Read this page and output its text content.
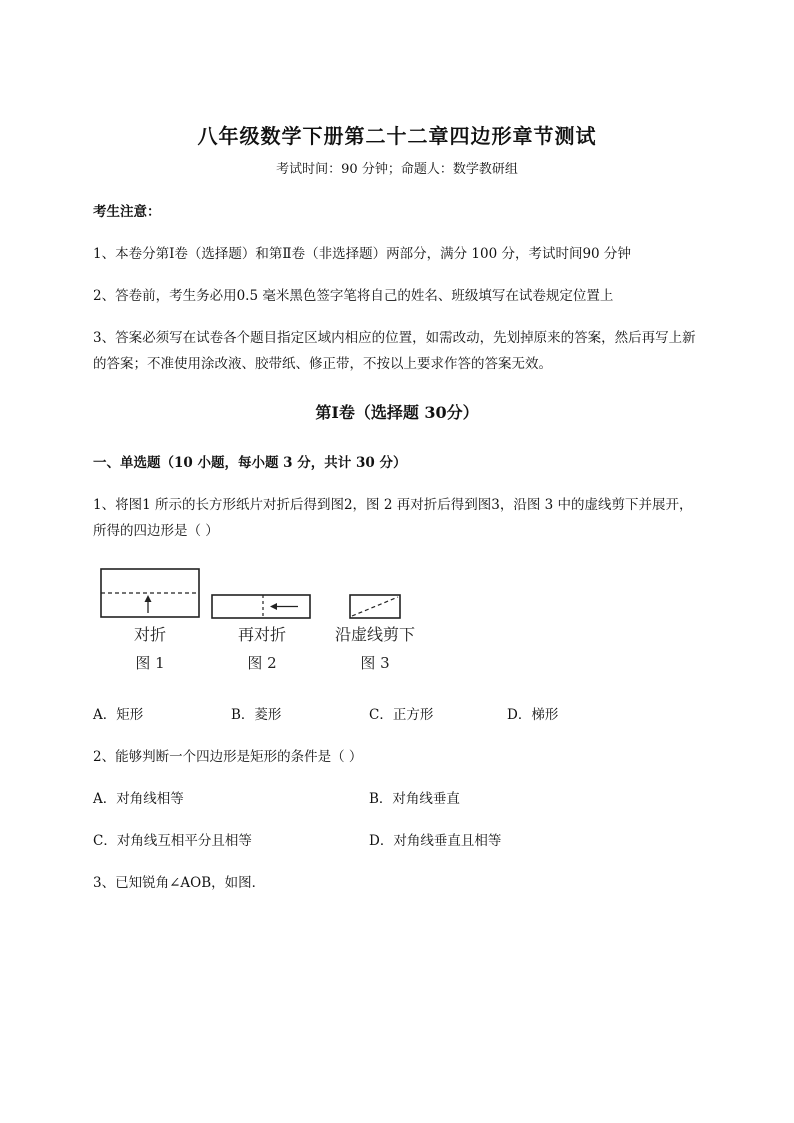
八年级数学下册第二十二章四边形章节测试
考试时间：90 分钟；命题人：数学教研组
考生注意：
1、本卷分第Ⅰ卷（选择题）和第Ⅱ卷（非选择题）两部分，满分 100 分，考试时间90 分钟
2、答卷前，考生务必用0.5 毫米黑色签字笔将自己的姓名、班级填写在试卷规定位置上
3、答案必须写在试卷各个题目指定区域内相应的位置，如需改动，先划掉原来的答案，然后再写上新
的答案；不准使用涂改液、胶带纸、修正带，不按以上要求作答的答案无效。
第Ⅰ卷（选择题 30分）
一、单选题（10 小题，每小题 3 分，共计 30 分）
1、将图1 所示的长方形纸片对折后得到图2，图 2 再对折后得到图3，沿图 3 中的虚线剪下并展开，
所得的四边形是（ ）
对折	再对折	沿虚线剪下
图 1	图 2	图 3
A．矩形	B．菱形	C．正方形	D．梯形
2、能够判断一个四边形是矩形的条件是（ ）
A．对角线相等	B．对角线垂直
C．对角线互相平分且相等	D．对角线垂直且相等
3、已知锐角∠AOB，如图．
